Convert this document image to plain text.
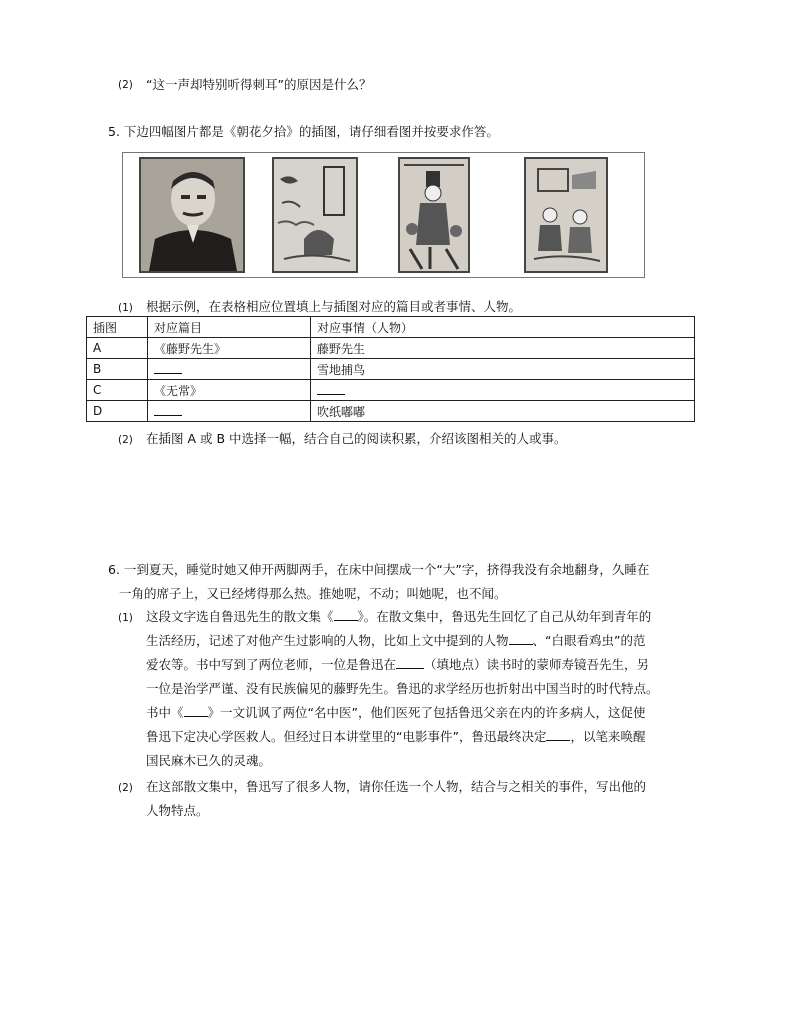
(2) “这一声却特别听得刺耳”的原因是什么？
5. 下边四幅图片都是《朝花夕拾》的插图，请仔细看图并按要求作答。
(1) 根据示例，在表格相应位置填上与插图对应的篇目或者事情、人物。
插图	对应篇目	对应事情（人物）
A	《藤野先生》	藤野先生
B		雪地捕鸟
C	《无常》	
D		吹纸嘟嘟
(2) 在插图 A 或 B 中选择一幅，结合自己的阅读积累，介绍该图相关的人或事。
6. 一到夏天，睡觉时她又伸开两脚两手，在床中间摆成一个“大”字，挤得我没有余地翻身，久睡在
一角的席子上，又已经烤得那么热。推她呢，不动；叫她呢，也不闻。
(1) 这段文字选自鲁迅先生的散文集《 》。在散文集中，鲁迅先生回忆了自己从幼年到青年的
生活经历，记述了对他产生过影响的人物，比如上文中提到的人物 、“白眼看鸡虫”的范
爱农等。书中写到了两位老师，一位是鲁迅在 （填地点）读书时的蒙师寿镜吾先生，另
一位是治学严谨、没有民族偏见的藤野先生。鲁迅的求学经历也折射出中国当时的时代特点。
书中《 》一文讥讽了两位“名中医”，他们医死了包括鲁迅父亲在内的许多病人，这促使
鲁迅下定决心学医救人。但经过日本讲堂里的“电影事件”，鲁迅最终决定 ，以笔来唤醒
国民麻木已久的灵魂。
(2) 在这部散文集中，鲁迅写了很多人物，请你任选一个人物，结合与之相关的事件，写出他的
人物特点。
